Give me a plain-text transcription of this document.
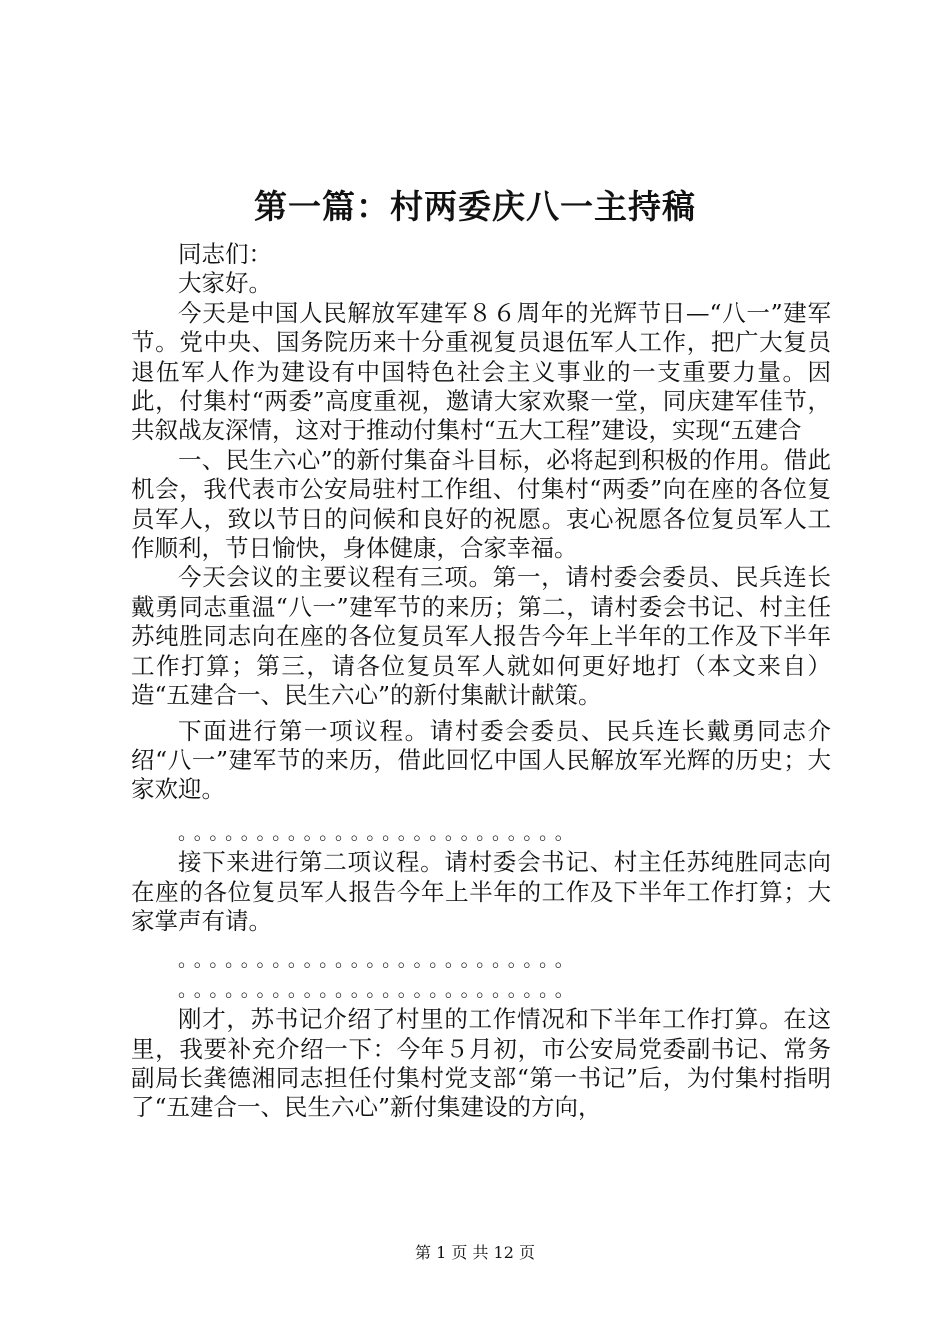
第一篇：村两委庆八一主持稿

同志们：

大家好。

今天是中国人民解放军建军８６周年的光辉节日—“八一”建军节。党中央、国务院历来十分重视复员退伍军人工作，把广大复员退伍军人作为建设有中国特色社会主义事业的一支重要力量。因此，付集村“两委”高度重视，邀请大家欢聚一堂，同庆建军佳节，共叙战友深情，这对于推动付集村“五大工程”建设，实现“五建合

一、民生六心”的新付集奋斗目标，必将起到积极的作用。借此机会，我代表市公安局驻村工作组、付集村“两委”向在座的各位复员军人，致以节日的问候和良好的祝愿。衷心祝愿各位复员军人工作顺利，节日愉快，身体健康，合家幸福。

今天会议的主要议程有三项。第一，请村委会委员、民兵连长戴勇同志重温“八一”建军节的来历；第二，请村委会书记、村主任苏纯胜同志向在座的各位复员军人报告今年上半年的工作及下半年工作打算；第三，请各位复员军人就如何更好地打（本文来自）造“五建合一、民生六心”的新付集献计献策。

下面进行第一项议程。请村委会委员、民兵连长戴勇同志介绍“八一”建军节的来历，借此回忆中国人民解放军光辉的历史；大家欢迎。

。。。。。。。。。。。。。。。。。。。。。。。。。

接下来进行第二项议程。请村委会书记、村主任苏纯胜同志向在座的各位复员军人报告今年上半年的工作及下半年工作打算；大家掌声有请。

。。。。。。。。。。。。。。。。。。。。。。。。。

。。。。。。。。。。。。。。。。。。。。。。。。。

刚才，苏书记介绍了村里的工作情况和下半年工作打算。在这里，我要补充介绍一下：今年５月初，市公安局党委副书记、常务副局长龚德湘同志担任付集村党支部“第一书记”后，为付集村指明了“五建合一、民生六心”新付集建设的方向，

第 1 页 共 12 页
